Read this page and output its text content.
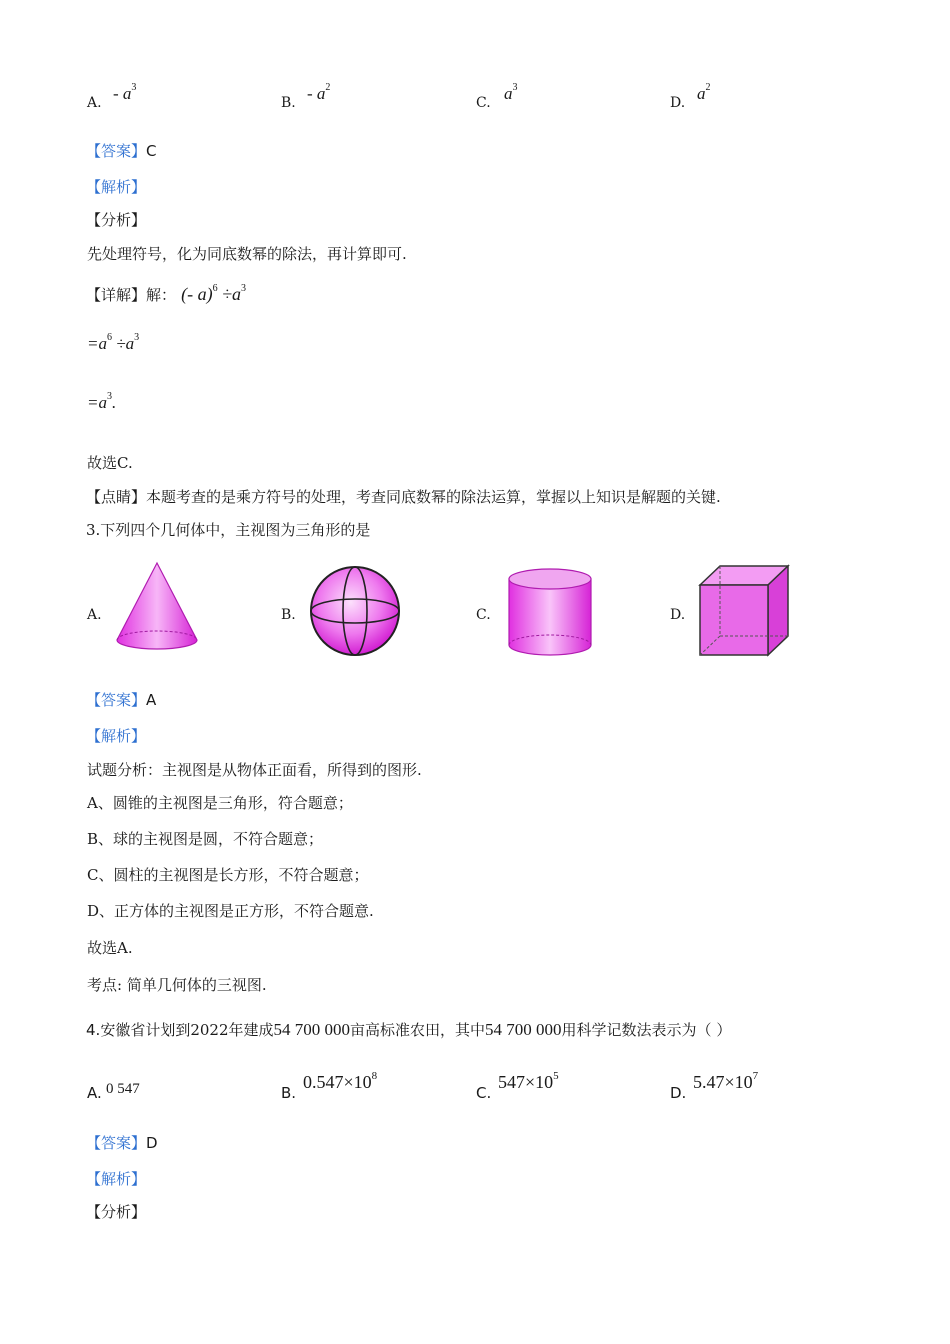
A. - $a^3$
B. - $a^2$
C. $a^3$
D. $a^2$
【答案】C
【解析】
【分析】
先处理符号，化为同底数幂的除法，再计算即可.
【详解】解： (- $a)^6 \div a^3$
$=a^6 \div a^3$
$=a^3$.
故选C.
【点睛】本题考查的是乘方符号的处理，考查同底数幂的除法运算，掌握以上知识是解题的关键.
3.下列四个几何体中，主视图为三角形的是
A.	B.	C.	D.
【答案】A
【解析】
试题分析：主视图是从物体正面看，所得到的图形.
A、圆锥的主视图是三角形，符合题意；
B、球的主视图是圆，不符合题意；
C、圆柱的主视图是长方形，不符合题意；
D、正方体的主视图是正方形，不符合题意.
故选A.
考点: 简单几何体的三视图.
4.安徽省计划到2022年建成54 700 000亩高标准农田，其中54 700 000用科学记数法表示为（ ）
A. 0 547	B.
$0.547\times 10^8$
C.
$547\times 10^5$
D.
$5.47\times 10^7$
【答案】D
【解析】
【分析】
